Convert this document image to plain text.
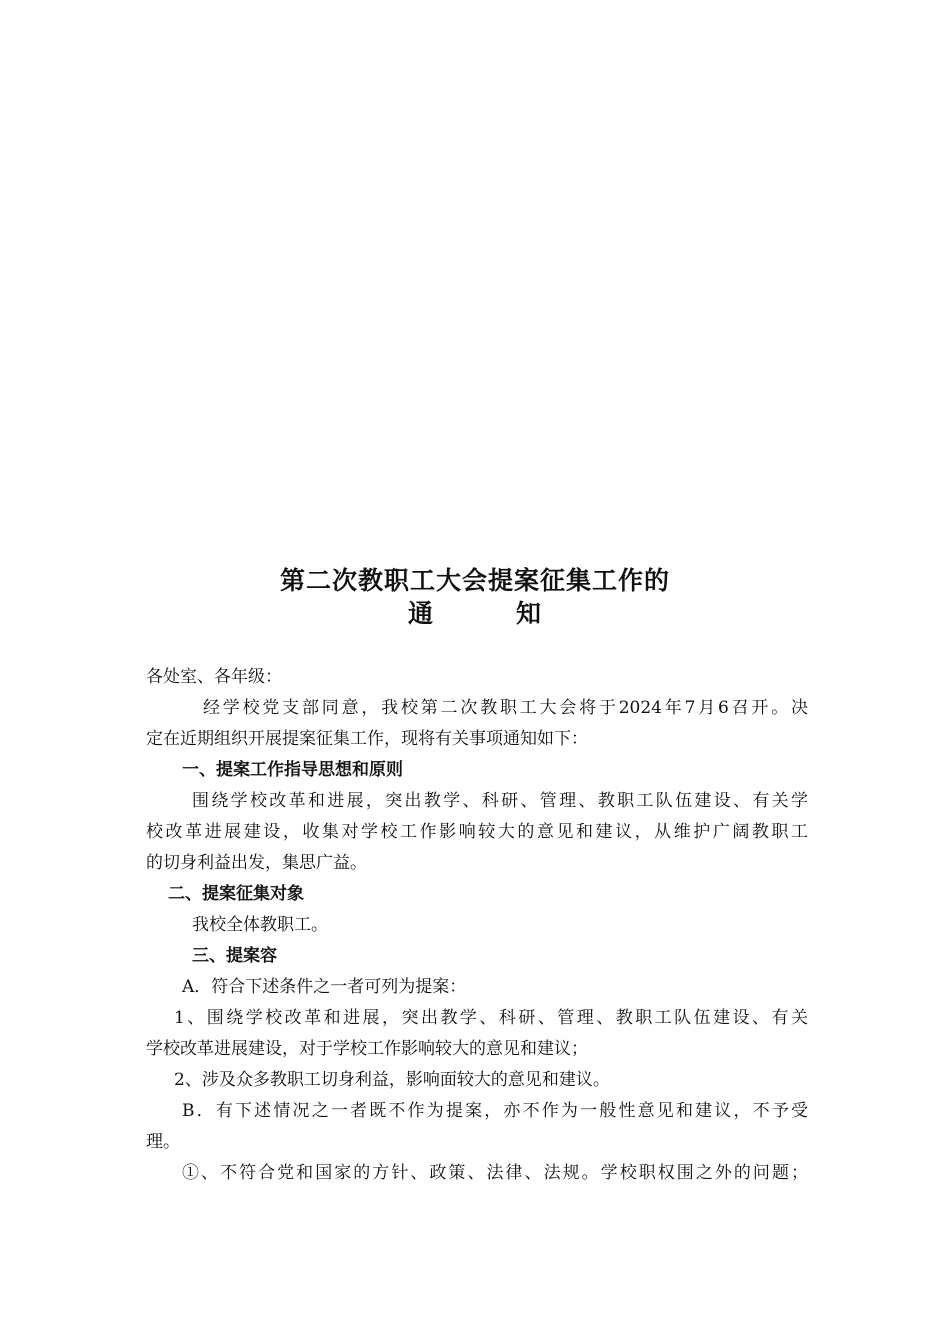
第二次教职工大会提案征集工作的
通	知
各处室、各年级：
经学校党支部同意，我校第二次教职工大会将于2024年7月6召开。决
定在近期组织开展提案征集工作，现将有关事项通知如下：
一、提案工作指导思想和原则
围绕学校改革和进展，突出教学、科研、管理、教职工队伍建设、有关学
校改革进展建设，收集对学校工作影响较大的意见和建议，从维护广阔教职工
的切身利益出发，集思广益。
二、提案征集对象
我校全体教职工。
三、提案容
A．符合下述条件之一者可列为提案：
1、围绕学校改革和进展，突出教学、科研、管理、教职工队伍建设、有关
学校改革进展建设，对于学校工作影响较大的意见和建议；
2、涉及众多教职工切身利益，影响面较大的意见和建议。
B．有下述情况之一者既不作为提案，亦不作为一般性意见和建议，不予受
理。
①、不符合党和国家的方针、政策、法律、法规。学校职权围之外的问题；
